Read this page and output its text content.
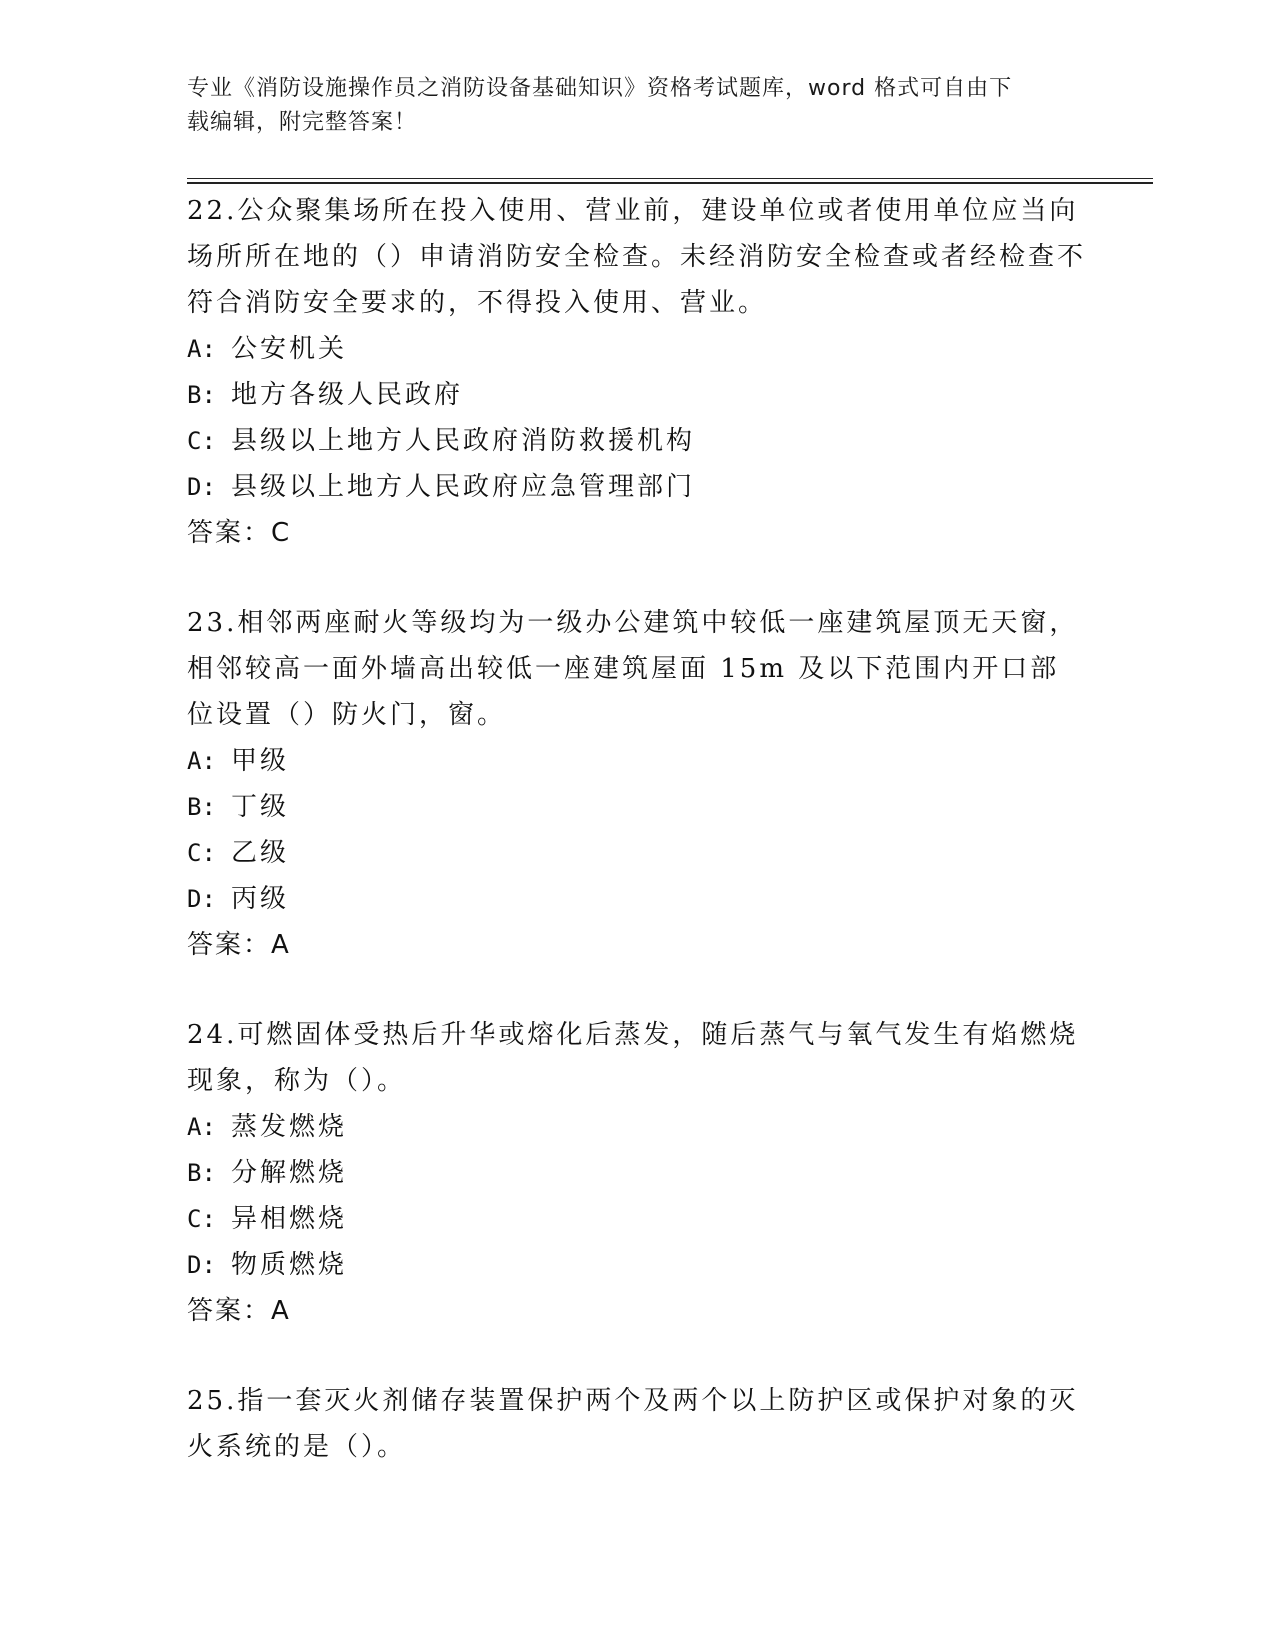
专业《消防设施操作员之消防设备基础知识》资格考试题库，word 格式可自由下
载编辑，附完整答案！

22.公众聚集场所在投入使用、营业前，建设单位或者使用单位应当向场所所在地的（）申请消防安全检查。未经消防安全检查或者经检查不符合消防安全要求的，不得投入使用、营业。

A: 公安机关

B: 地方各级人民政府

C: 县级以上地方人民政府消防救援机构

D: 县级以上地方人民政府应急管理部门

答案：C

23.相邻两座耐火等级均为一级办公建筑中较低一座建筑屋顶无天窗，相邻较高一面外墙高出较低一座建筑屋面 15m 及以下范围内开口部位设置（）防火门，窗。

A: 甲级

B: 丁级

C: 乙级

D: 丙级

答案：A

24.可燃固体受热后升华或熔化后蒸发，随后蒸气与氧气发生有焰燃烧现象，称为（）。

A: 蒸发燃烧

B: 分解燃烧

C: 异相燃烧

D: 物质燃烧

答案：A

25.指一套灭火剂储存装置保护两个及两个以上防护区或保护对象的灭火系统的是（）。
